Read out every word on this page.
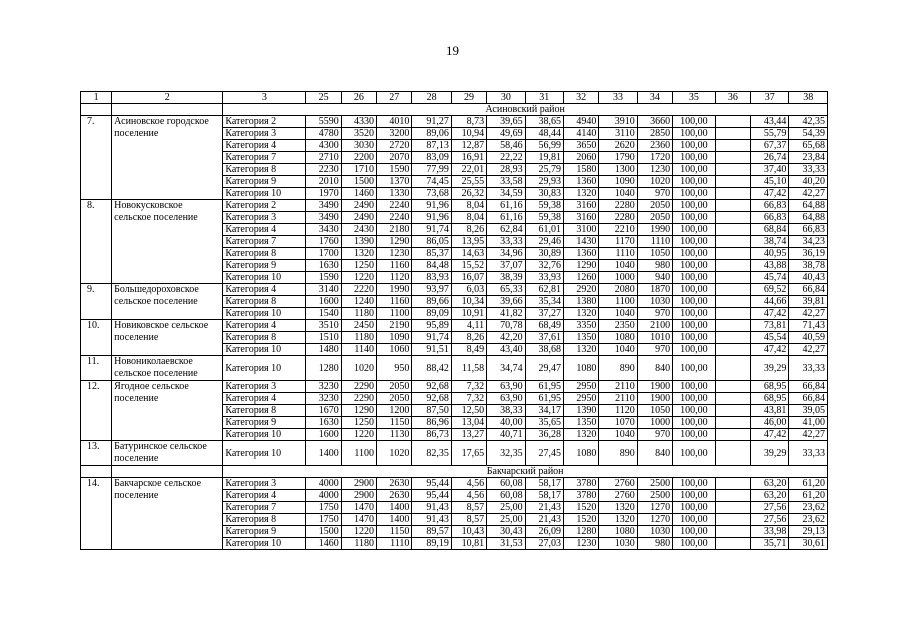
19
1	2	3	25	26	27	28	29	30	31	32	33	34	35	36	37	38
		Асиновский район														
7.	Асиновское городское поселение	Категория 2	5590	4330	4010	91,27	8,73	39,65	38,65	4940	3910	3660	100,00		43,44	42,35
		Категория 3	4780	3520	3200	89,06	10,94	49,69	48,44	4140	3110	2850	100,00		55,79	54,39
		Категория 4	4300	3030	2720	87,13	12,87	58,46	56,99	3650	2620	2360	100,00		67,37	65,68
		Категория 7	2710	2200	2070	83,09	16,91	22,22	19,81	2060	1790	1720	100,00		26,74	23,84
		Категория 8	2230	1710	1590	77,99	22,01	28,93	25,79	1580	1300	1230	100,00		37,40	33,33
		Категория 9	2010	1500	1370	74,45	25,55	33,58	29,93	1360	1090	1020	100,00		45,10	40,20
		Категория 10	1970	1460	1330	73,68	26,32	34,59	30,83	1320	1040	970	100,00		47,42	42,27
8.	Новокусковское сельское поселение	Категория 2	3490	2490	2240	91,96	8,04	61,16	59,38	3160	2280	2050	100,00		66,83	64,88
		Категория 3	3490	2490	2240	91,96	8,04	61,16	59,38	3160	2280	2050	100,00		66,83	64,88
		Категория 4	3430	2430	2180	91,74	8,26	62,84	61,01	3100	2210	1990	100,00		68,84	66,83
		Категория 7	1760	1390	1290	86,05	13,95	33,33	29,46	1430	1170	1110	100,00		38,74	34,23
		Категория 8	1700	1320	1230	85,37	14,63	34,96	30,89	1360	1110	1050	100,00		40,95	36,19
		Категория 9	1630	1250	1160	84,48	15,52	37,07	32,76	1290	1040	980	100,00		43,88	38,78
		Категория 10	1590	1220	1120	83,93	16,07	38,39	33,93	1260	1000	940	100,00		45,74	40,43
9.	Большедороховское сельское поселение	Категория 4	3140	2220	1990	93,97	6,03	65,33	62,81	2920	2080	1870	100,00		69,52	66,84
		Категория 8	1600	1240	1160	89,66	10,34	39,66	35,34	1380	1100	1030	100,00		44,66	39,81
		Категория 10	1540	1180	1100	89,09	10,91	41,82	37,27	1320	1040	970	100,00		47,42	42,27
10.	Новиковское сельское поселение	Категория 4	3510	2450	2190	95,89	4,11	70,78	68,49	3350	2350	2100	100,00		73,81	71,43
		Категория 8	1510	1180	1090	91,74	8,26	42,20	37,61	1350	1080	1010	100,00		45,54	40,59
		Категория 10	1480	1140	1060	91,51	8,49	43,40	38,68	1320	1040	970	100,00		47,42	42,27
11.	Новониколаевское сельское поселение	Категория 10	1280	1020	950	88,42	11,58	34,74	29,47	1080	890	840	100,00		39,29	33,33
12.	Ягодное сельское поселение	Категория 3	3230	2290	2050	92,68	7,32	63,90	61,95	2950	2110	1900	100,00		68,95	66,84
		Категория 4	3230	2290	2050	92,68	7,32	63,90	61,95	2950	2110	1900	100,00		68,95	66,84
		Категория 8	1670	1290	1200	87,50	12,50	38,33	34,17	1390	1120	1050	100,00		43,81	39,05
		Категория 9	1630	1250	1150	86,96	13,04	40,00	35,65	1350	1070	1000	100,00		46,00	41,00
		Категория 10	1600	1220	1130	86,73	13,27	40,71	36,28	1320	1040	970	100,00		47,42	42,27
13.	Батуринское сельское поселение	Категория 10	1400	1100	1020	82,35	17,65	32,35	27,45	1080	890	840	100,00		39,29	33,33
		Бакчарский район														
14.	Бакчарское сельское поселение	Категория 3	4000	2900	2630	95,44	4,56	60,08	58,17	3780	2760	2500	100,00		63,20	61,20
		Категория 4	4000	2900	2630	95,44	4,56	60,08	58,17	3780	2760	2500	100,00		63,20	61,20
		Категория 7	1750	1470	1400	91,43	8,57	25,00	21,43	1520	1320	1270	100,00		27,56	23,62
		Категория 8	1750	1470	1400	91,43	8,57	25,00	21,43	1520	1320	1270	100,00		27,56	23,62
		Категория 9	1500	1220	1150	89,57	10,43	30,43	26,09	1280	1080	1030	100,00		33,98	29,13
		Категория 10	1460	1180	1110	89,19	10,81	31,53	27,03	1230	1030	980	100,00		35,71	30,61
